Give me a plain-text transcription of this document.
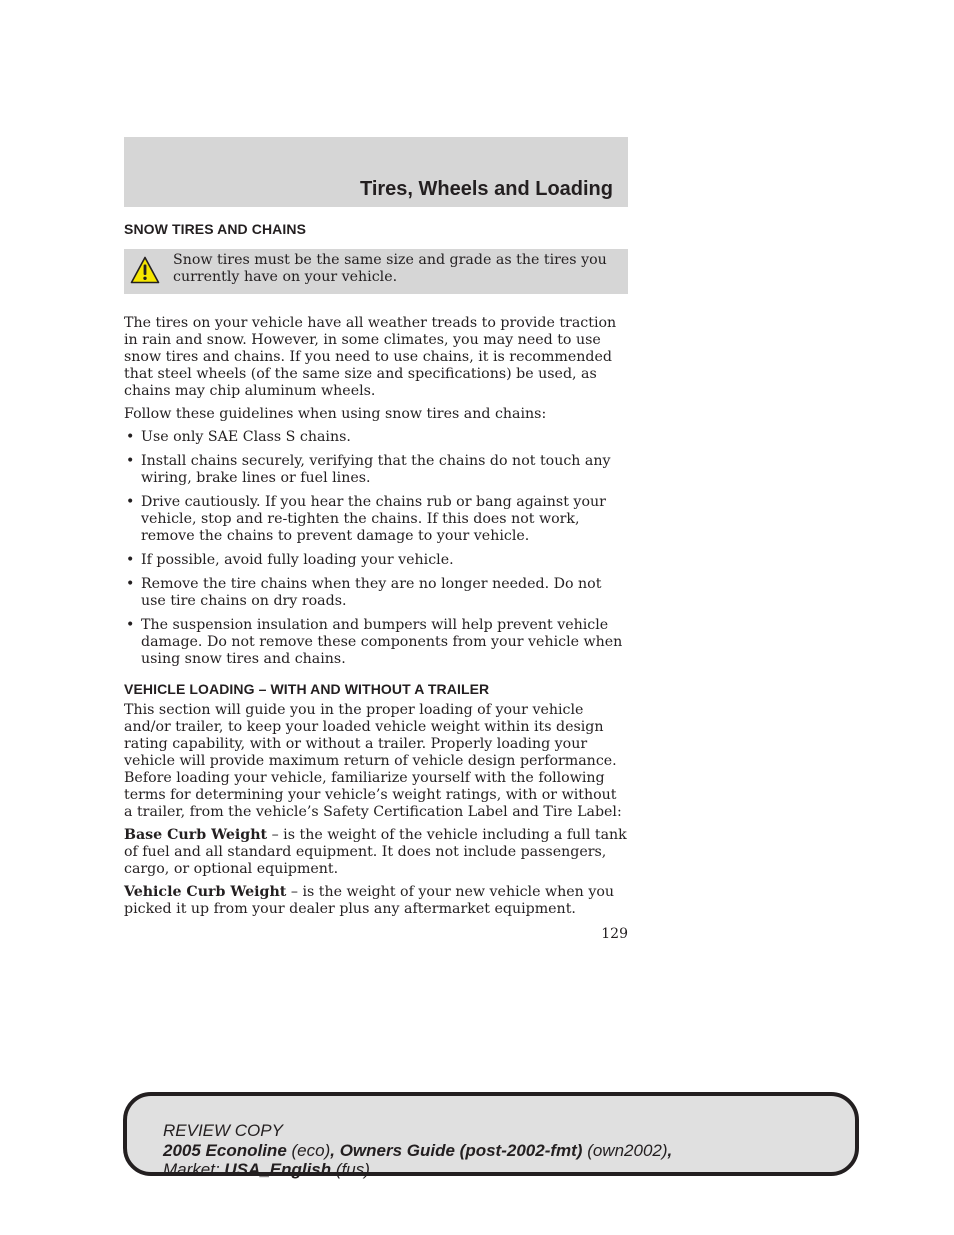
Tires, Wheels and Loading
SNOW TIRES AND CHAINS

Snow tires must be the same size and grade as the tires you currently have on your vehicle.

The tires on your vehicle have all weather treads to provide traction in rain and snow. However, in some climates, you may need to use snow tires and chains. If you need to use chains, it is recommended that steel wheels (of the same size and specifications) be used, as chains may chip aluminum wheels.

Follow these guidelines when using snow tires and chains:

• Use only SAE Class S chains.
• Install chains securely, verifying that the chains do not touch any wiring, brake lines or fuel lines.
• Drive cautiously. If you hear the chains rub or bang against your vehicle, stop and re-tighten the chains. If this does not work, remove the chains to prevent damage to your vehicle.
• If possible, avoid fully loading your vehicle.
• Remove the tire chains when they are no longer needed. Do not use tire chains on dry roads.
• The suspension insulation and bumpers will help prevent vehicle damage. Do not remove these components from your vehicle when using snow tires and chains.
VEHICLE LOADING – WITH AND WITHOUT A TRAILER

This section will guide you in the proper loading of your vehicle and/or trailer, to keep your loaded vehicle weight within its design rating capability, with or without a trailer. Properly loading your vehicle will provide maximum return of vehicle design performance. Before loading your vehicle, familiarize yourself with the following terms for determining your vehicle’s weight ratings, with or without a trailer, from the vehicle’s Safety Certification Label and Tire Label:

Base Curb Weight – is the weight of the vehicle including a full tank of fuel and all standard equipment. It does not include passengers, cargo, or optional equipment.

Vehicle Curb Weight – is the weight of your new vehicle when you picked it up from your dealer plus any aftermarket equipment.

129
REVIEW COPY
2005 Econoline (eco), Owners Guide (post-2002-fmt) (own2002),
Market: USA_English (fus)
